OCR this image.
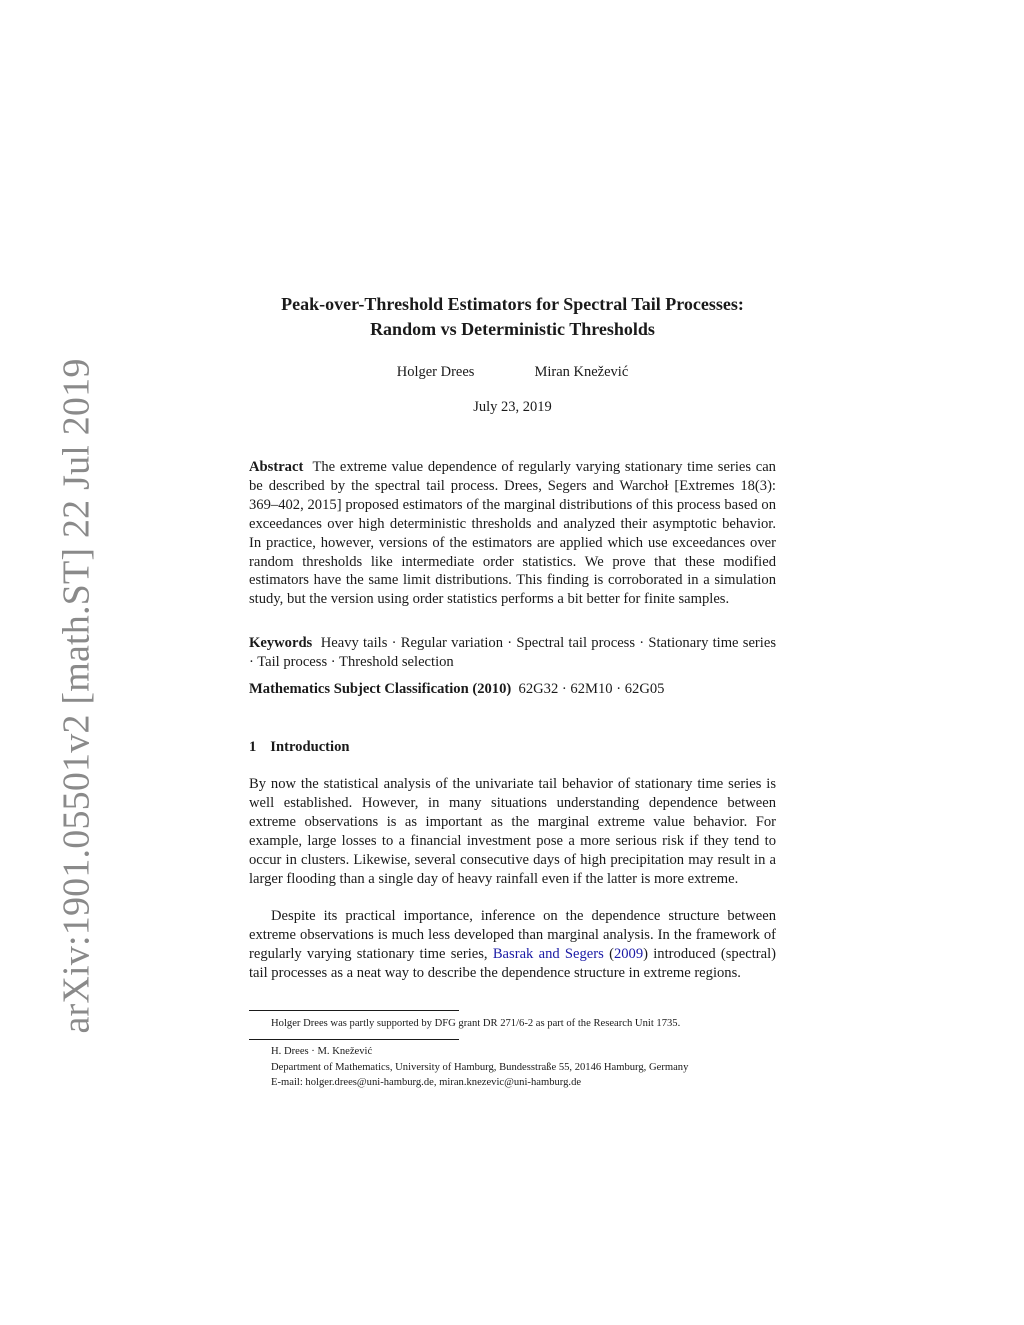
arXiv:1901.05501v2 [math.ST] 22 Jul 2019
Peak-over-Threshold Estimators for Spectral Tail Processes:
Random vs Deterministic Thresholds
Holger Drees	Miran Knežević
July 23, 2019

Abstract The extreme value dependence of regularly varying stationary time series can be described by the spectral tail process. Drees, Segers and Warchoł [Extremes 18(3): 369–402, 2015] proposed estimators of the marginal distributions of this process based on exceedances over high deterministic thresholds and analyzed their asymptotic behavior. In practice, however, versions of the estimators are applied which use exceedances over random thresholds like intermediate order statistics. We prove that these modified estimators have the same limit distributions. This finding is corroborated in a simulation study, but the version using order statistics performs a bit better for finite samples.

Keywords Heavy tails · Regular variation · Spectral tail process · Stationary time series · Tail process · Threshold selection

Mathematics Subject Classification (2010) 62G32 · 62M10 · 62G05

1 Introduction

By now the statistical analysis of the univariate tail behavior of stationary time series is well established. However, in many situations understanding dependence between extreme observations is as important as the marginal extreme value behavior. For example, large losses to a financial investment pose a more serious risk if they tend to occur in clusters. Likewise, several consecutive days of high precipitation may result in a larger flooding than a single day of heavy rainfall even if the latter is more extreme.

Despite its practical importance, inference on the dependence structure between extreme observations is much less developed than marginal analysis. In the framework of regularly varying stationary time series, Basrak and Segers (2009) introduced (spectral) tail processes as a neat way to describe the dependence structure in extreme regions.

Holger Drees was partly supported by DFG grant DR 271/6-2 as part of the Research Unit 1735.
H. Drees · M. Knežević
Department of Mathematics, University of Hamburg, Bundesstraße 55, 20146 Hamburg, Germany
E-mail: holger.drees@uni-hamburg.de, miran.knezevic@uni-hamburg.de
